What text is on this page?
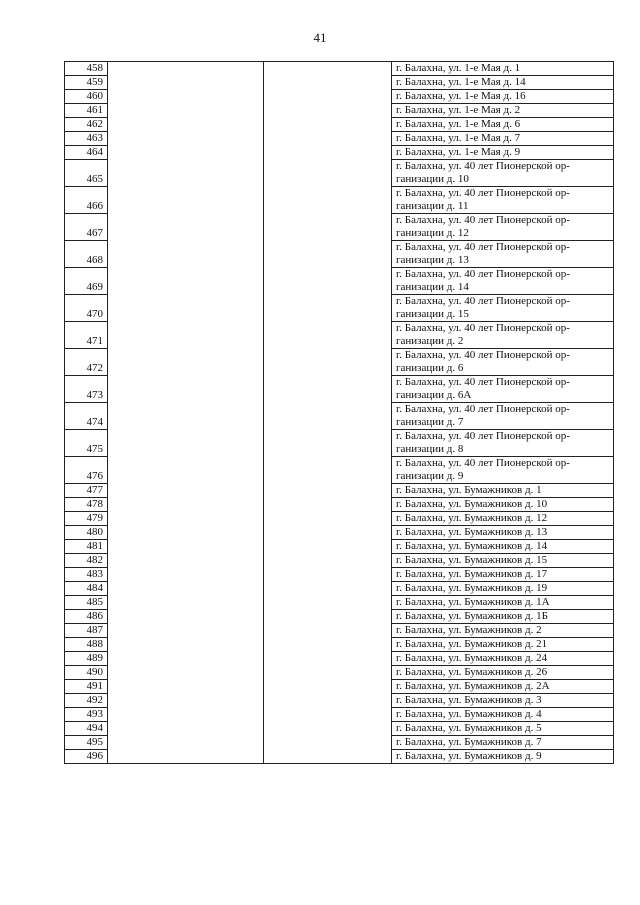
41
458			г. Балахна, ул. 1-е Мая д. 1
459			г. Балахна, ул. 1-е Мая д. 14
460			г. Балахна, ул. 1-е Мая д. 16
461			г. Балахна, ул. 1-е Мая д. 2
462			г. Балахна, ул. 1-е Мая д. 6
463			г. Балахна, ул. 1-е Мая д. 7
464			г. Балахна, ул. 1-е Мая д. 9
465			г. Балахна, ул. 40 лет Пионерской ор-
ганизации д. 10
466			г. Балахна, ул. 40 лет Пионерской ор-
ганизации д. 11
467			г. Балахна, ул. 40 лет Пионерской ор-
ганизации д. 12
468			г. Балахна, ул. 40 лет Пионерской ор-
ганизации д. 13
469			г. Балахна, ул. 40 лет Пионерской ор-
ганизации д. 14
470			г. Балахна, ул. 40 лет Пионерской ор-
ганизации д. 15
471			г. Балахна, ул. 40 лет Пионерской ор-
ганизации д. 2
472			г. Балахна, ул. 40 лет Пионерской ор-
ганизации д. 6
473			г. Балахна, ул. 40 лет Пионерской ор-
ганизации д. 6А
474			г. Балахна, ул. 40 лет Пионерской ор-
ганизации д. 7
475			г. Балахна, ул. 40 лет Пионерской ор-
ганизации д. 8
476			г. Балахна, ул. 40 лет Пионерской ор-
ганизации д. 9
477			г. Балахна, ул. Бумажников д. 1
478			г. Балахна, ул. Бумажников д. 10
479			г. Балахна, ул. Бумажников д. 12
480			г. Балахна, ул. Бумажников д. 13
481			г. Балахна, ул. Бумажников д. 14
482			г. Балахна, ул. Бумажников д. 15
483			г. Балахна, ул. Бумажников д. 17
484			г. Балахна, ул. Бумажников д. 19
485			г. Балахна, ул. Бумажников д. 1А
486			г. Балахна, ул. Бумажников д. 1Б
487			г. Балахна, ул. Бумажников д. 2
488			г. Балахна, ул. Бумажников д. 21
489			г. Балахна, ул. Бумажников д. 24
490			г. Балахна, ул. Бумажников д. 26
491			г. Балахна, ул. Бумажников д. 2А
492			г. Балахна, ул. Бумажников д. 3
493			г. Балахна, ул. Бумажников д. 4
494			г. Балахна, ул. Бумажников д. 5
495			г. Балахна, ул. Бумажников д. 7
496			г. Балахна, ул. Бумажников д. 9
